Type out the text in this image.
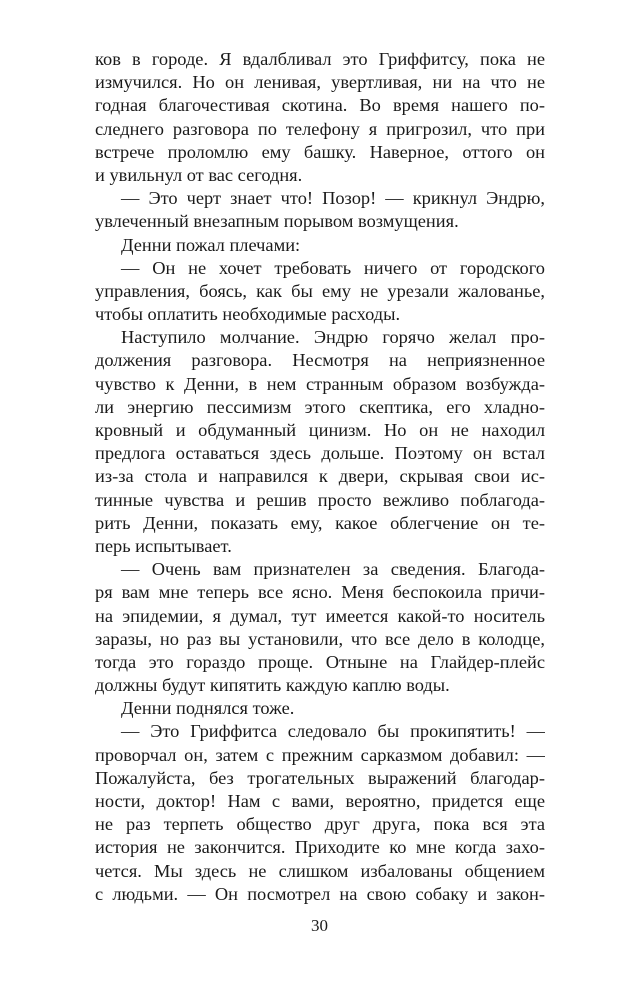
ков в городе. Я вдалбливал это Гриффитсу, пока не
измучился. Но он ленивая, увертливая, ни на что не
годная благочестивая скотина. Во время нашего по-
следнего разговора по телефону я пригрозил, что при
встрече проломлю ему башку. Наверное, оттого он
и увильнул от вас сегодня.
— Это черт знает что! Позор! — крикнул Эндрю,
увлеченный внезапным порывом возмущения.
Денни пожал плечами:
— Он не хочет требовать ничего от городского
управления, боясь, как бы ему не урезали жалованье,
чтобы оплатить необходимые расходы.
Наступило молчание. Эндрю горячо желал про-
должения разговора. Несмотря на неприязненное
чувство к Денни, в нем странным образом возбужда-
ли энергию пессимизм этого скептика, его хладно-
кровный и обдуманный цинизм. Но он не находил
предлога оставаться здесь дольше. Поэтому он встал
из-за стола и направился к двери, скрывая свои ис-
тинные чувства и решив просто вежливо поблагода-
рить Денни, показать ему, какое облегчение он те-
перь испытывает.
— Очень вам признателен за сведения. Благода-
ря вам мне теперь все ясно. Меня беспокоила причи-
на эпидемии, я думал, тут имеется какой-то носитель
заразы, но раз вы установили, что все дело в колодце,
тогда это гораздо проще. Отныне на Глайдер-плейс
должны будут кипятить каждую каплю воды.
Денни поднялся тоже.
— Это Гриффитса следовало бы прокипятить! —
проворчал он, затем с прежним сарказмом добавил: —
Пожалуйста, без трогательных выражений благодар-
ности, доктор! Нам с вами, вероятно, придется еще
не раз терпеть общество друг друга, пока вся эта
история не закончится. Приходите ко мне когда захо-
чется. Мы здесь не слишком избалованы общением
с людьми. — Он посмотрел на свою собаку и закон-
30
